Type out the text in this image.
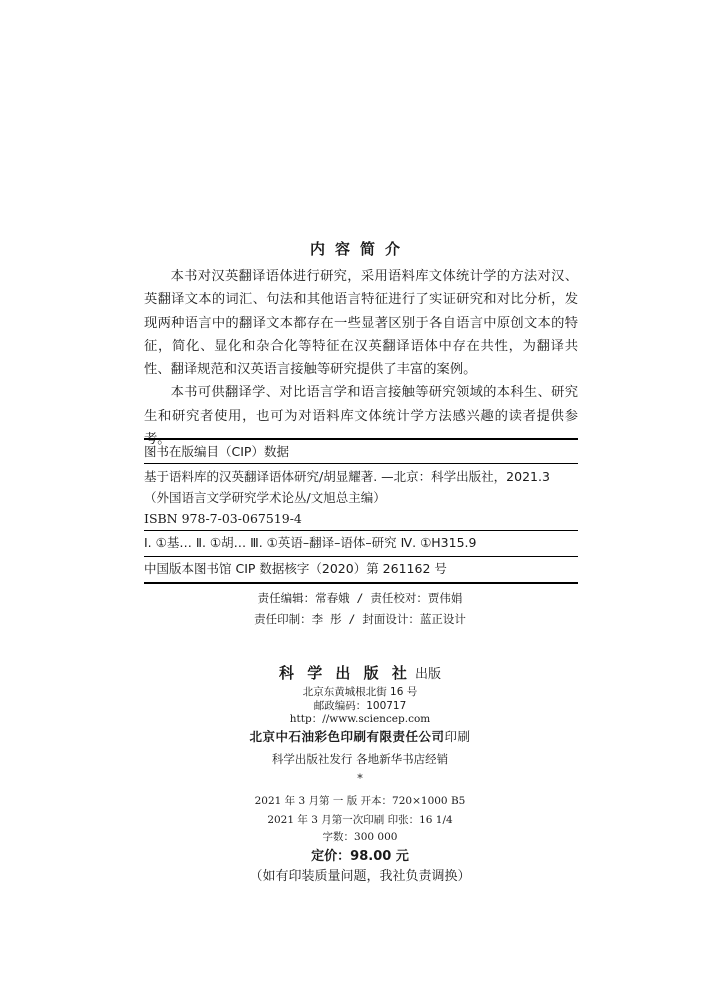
内容简介

本书对汉英翻译语体进行研究，采用语料库文体统计学的方法对汉、英翻译文本的词汇、句法和其他语言特征进行了实证研究和对比分析，发现两种语言中的翻译文本都存在一些显著区别于各自语言中原创文本的特征，简化、显化和杂合化等特征在汉英翻译语体中存在共性，为翻译共性、翻译规范和汉英语言接触等研究提供了丰富的案例。

本书可供翻译学、对比语言学和语言接触等研究领域的本科生、研究生和研究者使用，也可为对语料库文体统计学方法感兴趣的读者提供参

图书在版编目（CIP）数据
基于语料库的汉英翻译语体研究/胡显耀著. —北京：科学出版社，2021.3
（外国语言文学研究学术论丛/文旭总主编）
ISBN 978-7-03-067519-4
Ⅰ. ①基… Ⅱ. ①胡… Ⅲ. ①英语–翻译–语体–研究 Ⅳ. ①H315.9
中国版本图书馆 CIP 数据核字（2020）第 261162 号
责任编辑：常春娥 / 责任校对：贾伟娟
责任印制：李 彤 / 封面设计：蓝正设计
科 学 出 版 社 出版
北京东黄城根北街 16 号
邮政编码：100717
http：//www.sciencep.com
北京中石油彩色印刷有限责任公司印刷
科学出版社发行 各地新华书店经销
*
2021 年 3 月第 一 版 开本：720×1000 B5
2021 年 3 月第一次印刷 印张：16 1/4
字数：300 000
定价：98.00 元
（如有印装质量问题，我社负责调换）
